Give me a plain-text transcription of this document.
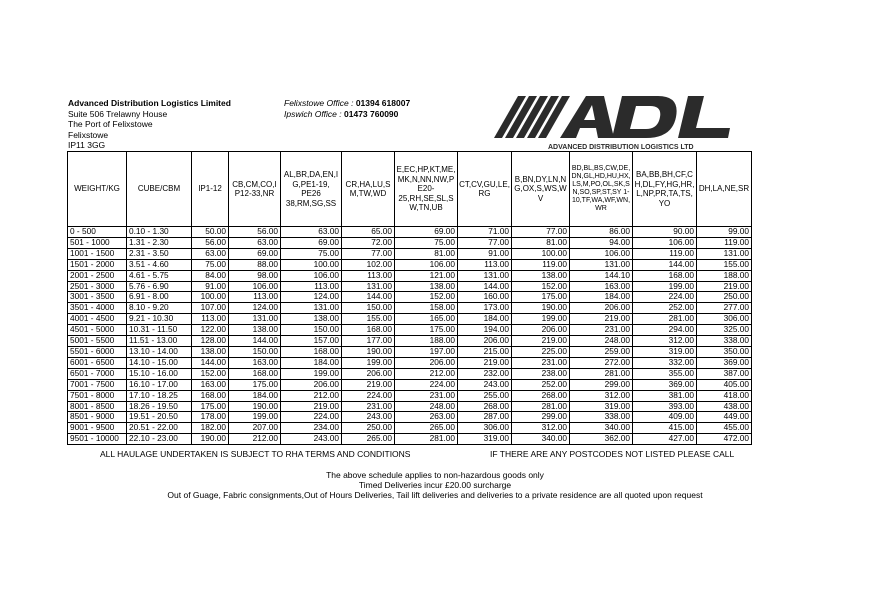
Advanced Distribution Logistics Limited
Suite 506 Trelawny House
The Port of Felixstowe
Felixstowe
IP11 3GG
Felixstowe Office : 01394 618007
Ipswich Office : 01473 760090
ADVANCED DISTRIBUTION LOGISTICS LTD
WEIGHT/KG	CUBE/CBM	IP1-12	CB,CM,CO,IP12-33,NR	AL,BR,DA,EN,IG,PE1-19, PE26 38,RM,SG,SS	CR,HA,LU,SM,TW,WD	E,EC,HP,KT,ME,MK,N,NN,NW,PE20-25,RH,SE,SL,SW,TN,UB	CT,CV,GU,LE,RG	B,BN,DY,LN,NG,OX,S,WS,WV	BD,BL,BS,CW,DE,DN,GL,HD,HU,HX,LS,M,PO,OL,SK,SN,SO,SP,ST,SY 1-10,TF,WA,WF,WN,WR	BA,BB,BH,CF,CH,DL,FY,HG,HR,L,NP,PR,TA,TS,YO	DH,LA,NE,SR
0 - 500	0.10 - 1.30	50.00	56.00	63.00	65.00	69.00	71.00	77.00	86.00	90.00	99.00
501 - 1000	1.31 - 2.30	56.00	63.00	69.00	72.00	75.00	77.00	81.00	94.00	106.00	119.00
1001 - 1500	2.31 - 3.50	63.00	69.00	75.00	77.00	81.00	91.00	100.00	106.00	119.00	131.00
1501 - 2000	3.51 - 4.60	75.00	88.00	100.00	102.00	106.00	113.00	119.00	131.00	144.00	155.00
2001 - 2500	4.61 - 5.75	84.00	98.00	106.00	113.00	121.00	131.00	138.00	144.10	168.00	188.00
2501 - 3000	5.76 - 6.90	91.00	106.00	113.00	131.00	138.00	144.00	152.00	163.00	199.00	219.00
3001 - 3500	6.91 - 8.00	100.00	113.00	124.00	144.00	152.00	160.00	175.00	184.00	224.00	250.00
3501 - 4000	8.10 - 9.20	107.00	124.00	131.00	150.00	158.00	173.00	190.00	206.00	252.00	277.00
4001 - 4500	9.21 - 10.30	113.00	131.00	138.00	155.00	165.00	184.00	199.00	219.00	281.00	306.00
4501 - 5000	10.31 - 11.50	122.00	138.00	150.00	168.00	175.00	194.00	206.00	231.00	294.00	325.00
5001 - 5500	11.51 - 13.00	128.00	144.00	157.00	177.00	188.00	206.00	219.00	248.00	312.00	338.00
5501 - 6000	13.10 - 14.00	138.00	150.00	168.00	190.00	197.00	215.00	225.00	259.00	319.00	350.00
6001 - 6500	14.10 - 15.00	144.00	163.00	184.00	199.00	206.00	219.00	231.00	272.00	332.00	369.00
6501 - 7000	15.10 - 16.00	152.00	168.00	199.00	206.00	212.00	232.00	238.00	281.00	355.00	387.00
7001 - 7500	16.10 - 17.00	163.00	175.00	206.00	219.00	224.00	243.00	252.00	299.00	369.00	405.00
7501 - 8000	17.10 - 18.25	168.00	184.00	212.00	224.00	231.00	255.00	268.00	312.00	381.00	418.00
8001 - 8500	18.26 - 19.50	175.00	190.00	219.00	231.00	248.00	268.00	281.00	319.00	393.00	438.00
8501 - 9000	19.51 - 20.50	178.00	199.00	224.00	243.00	263.00	287.00	299.00	338.00	409.00	449.00
9001 - 9500	20.51 - 22.00	182.00	207.00	234.00	250.00	265.00	306.00	312.00	340.00	415.00	455.00
9501 - 10000	22.10 - 23.00	190.00	212.00	243.00	265.00	281.00	319.00	340.00	362.00	427.00	472.00
ALL HAULAGE UNDERTAKEN IS SUBJECT TO RHA TERMS AND CONDITIONS	IF THERE ARE ANY POSTCODES NOT LISTED PLEASE CALL
The above schedule applies to non-hazardous goods only
Timed Deliveries incur £20.00 surcharge
Out of Guage, Fabric consignments,Out of Hours Deliveries, Tail lift deliveries and deliveries to a private residence are all quoted upon request
